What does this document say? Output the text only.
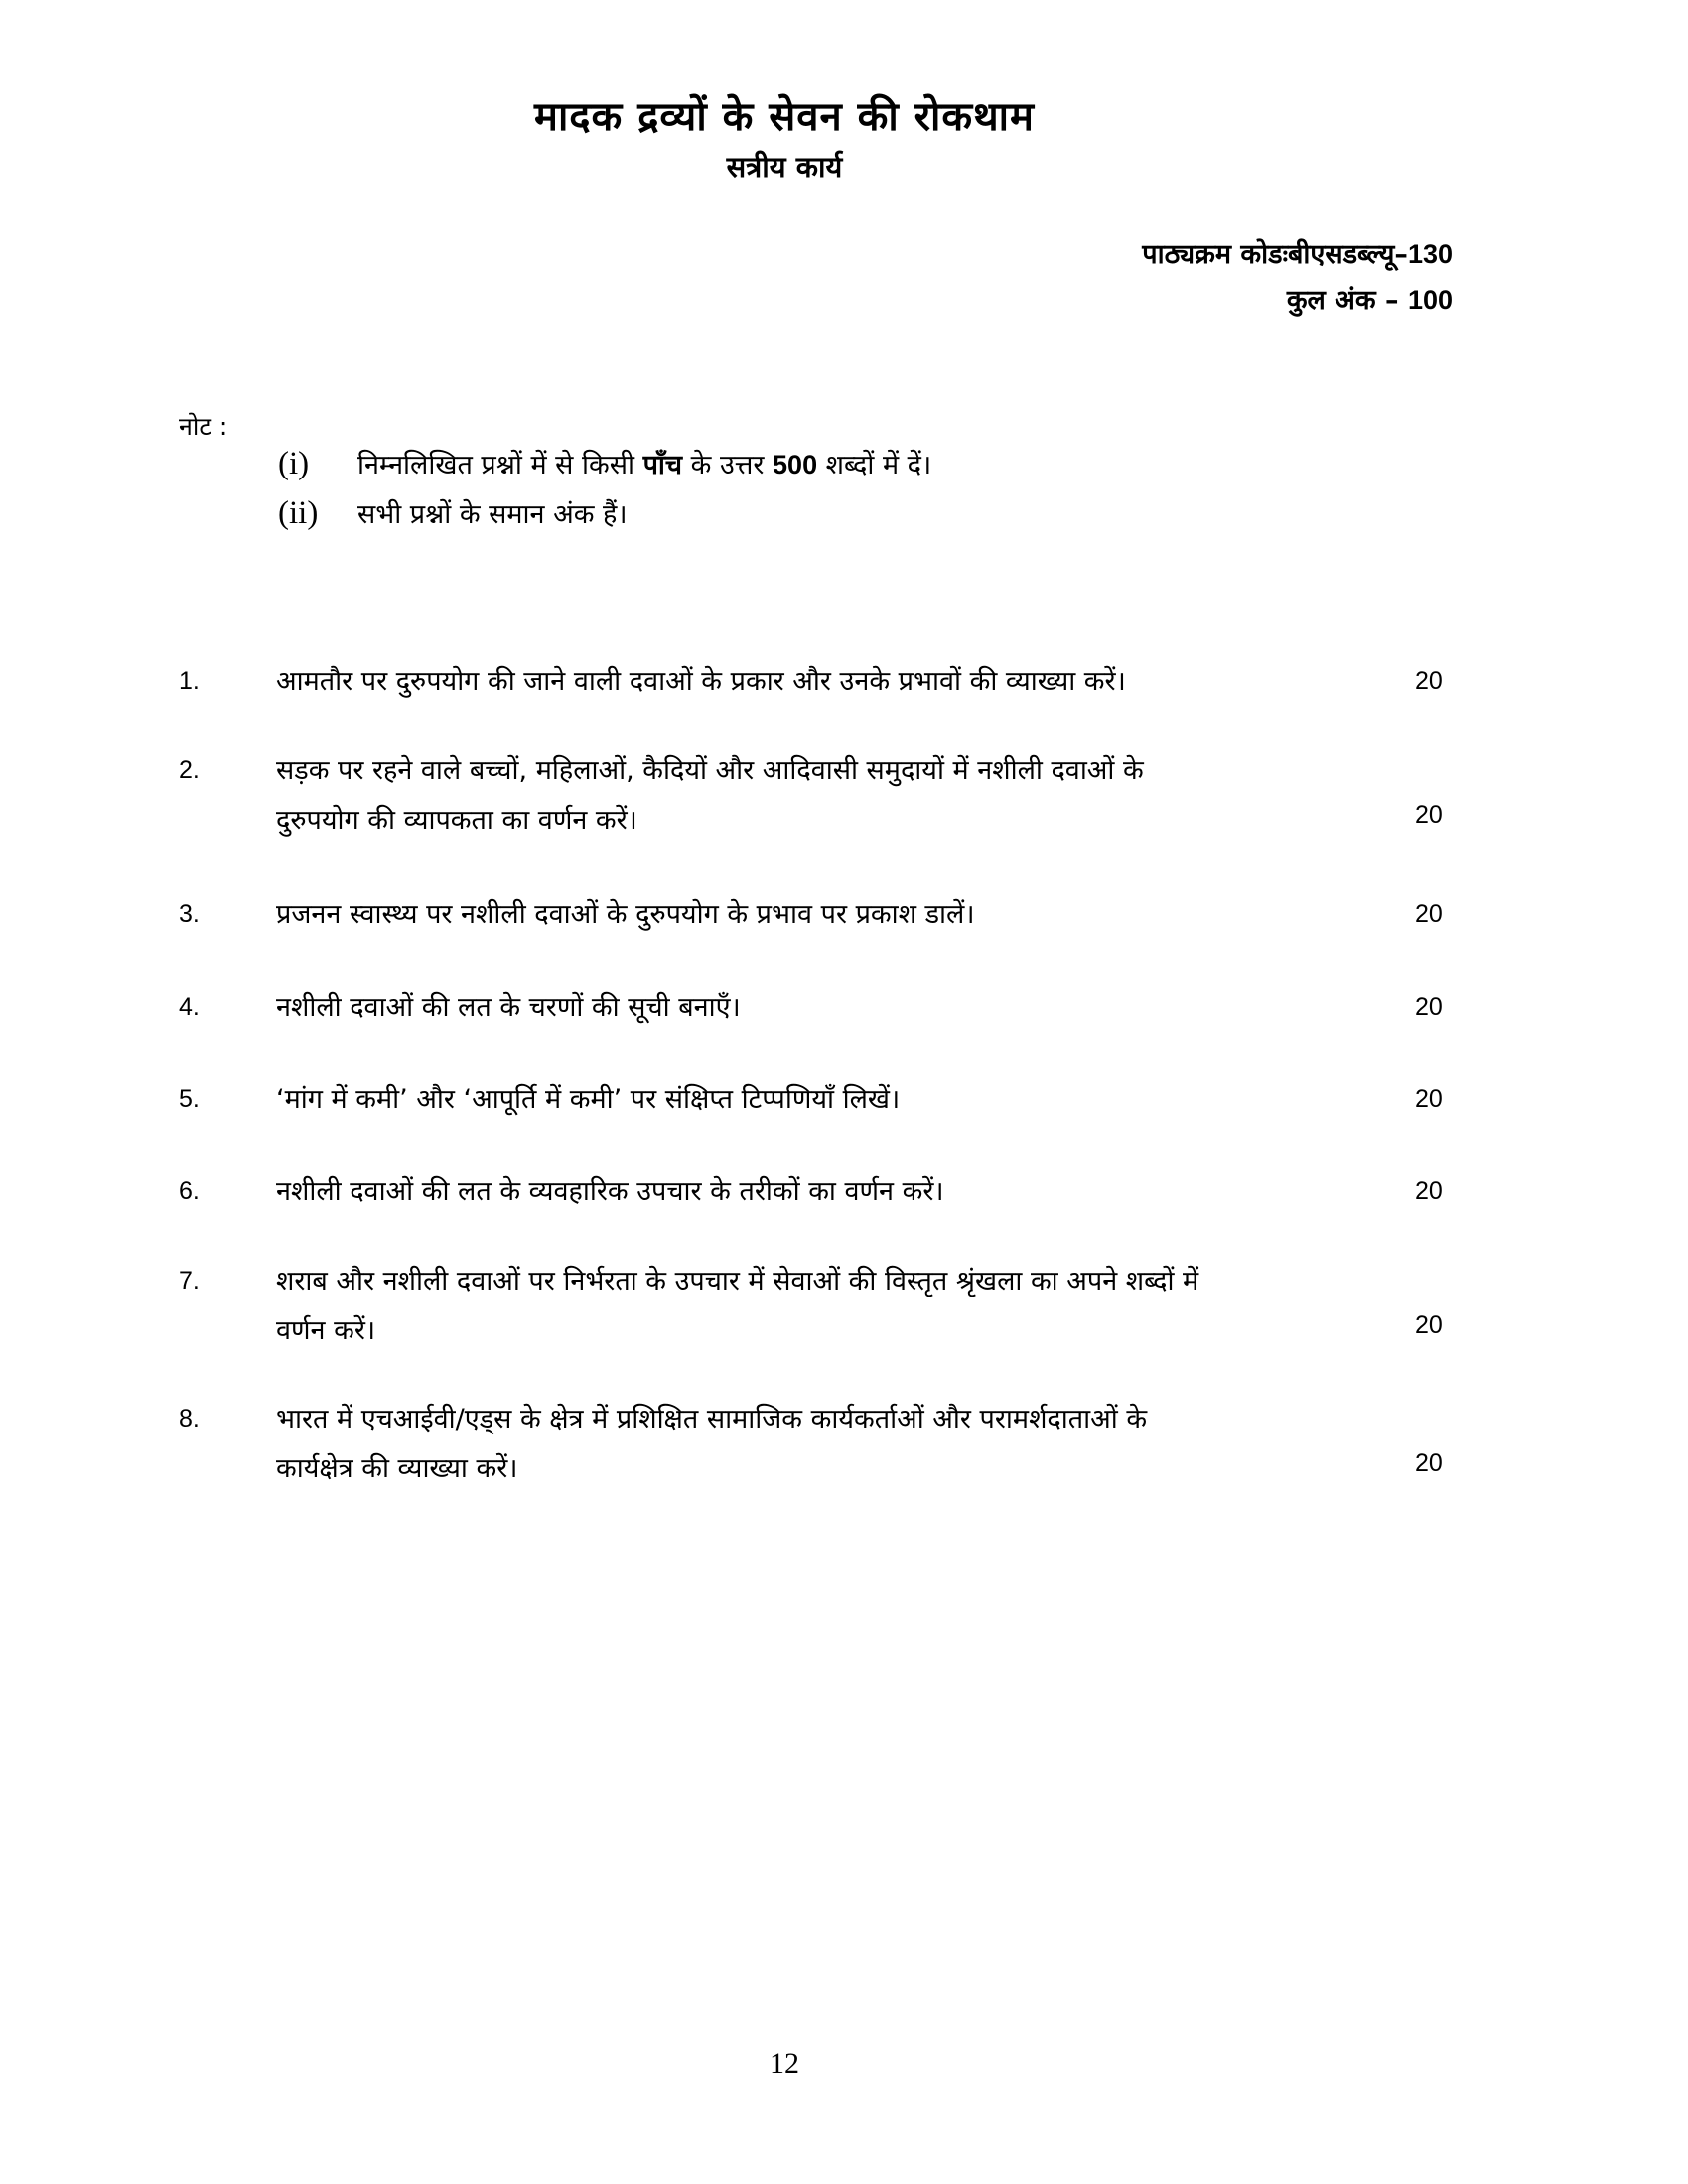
मादक द्रव्यों के सेवन की रोकथाम
सत्रीय कार्य
पाठ्यक्रम कोडःबीएसडब्ल्यू–130
कुल अंक – 100
नोट :
(i) निम्नलिखित प्रश्नों में से किसी पाँच के उत्तर 500 शब्दों में दें।
(ii) सभी प्रश्नों के समान अंक हैं।
1.	आमतौर पर दुरुपयोग की जाने वाली दवाओं के प्रकार और उनके प्रभावों की व्याख्या करें।	20
2.	सड़क पर रहने वाले बच्चों, महिलाओं, कैदियों और आदिवासी समुदायों में नशीली दवाओं के
दुरुपयोग की व्यापकता का वर्णन करें।	20
3.	प्रजनन स्वास्थ्य पर नशीली दवाओं के दुरुपयोग के प्रभाव पर प्रकाश डालें।	20
4.	नशीली दवाओं की लत के चरणों की सूची बनाएँ।	20
5.	‘मांग में कमी’ और ‘आपूर्ति में कमी’ पर संक्षिप्त टिप्पणियाँ लिखें।	20
6.	नशीली दवाओं की लत के व्यवहारिक उपचार के तरीकों का वर्णन करें।	20
7.	शराब और नशीली दवाओं पर निर्भरता के उपचार में सेवाओं की विस्तृत श्रृंखला का अपने शब्दों में
वर्णन करें।	20
8.	भारत में एचआईवी/एड्स के क्षेत्र में प्रशिक्षित सामाजिक कार्यकर्ताओं और परामर्शदाताओं के
कार्यक्षेत्र की व्याख्या करें।	20
12
